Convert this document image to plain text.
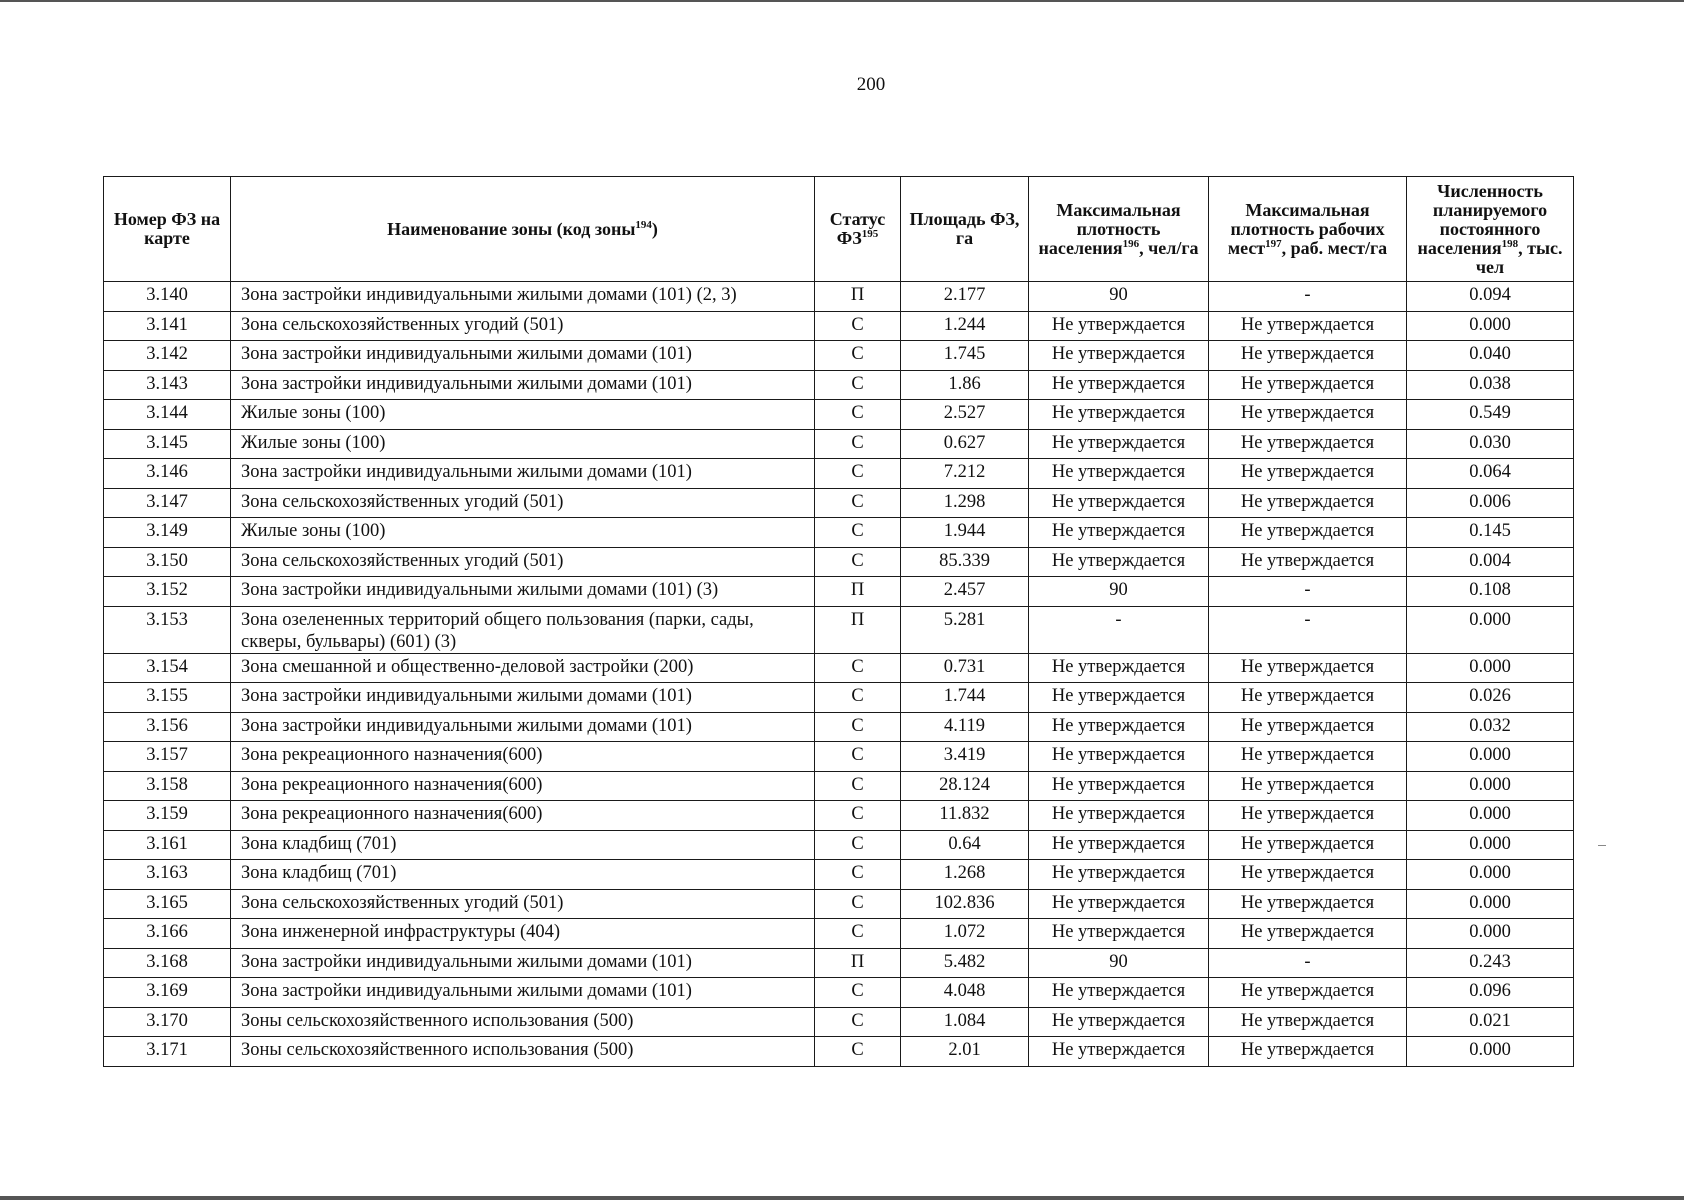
200
Номер ФЗ на карте	Наименование зоны (код зоны$^{194}$)	Статус ФЗ$^{195}$	Площадь ФЗ, га	Максимальная плотность населения$^{196}$, чел/га	Максимальная плотность рабочих мест$^{197}$, раб. мест/га	Численность планируемого постоянного населения$^{198}$, тыс. чел
3.140	Зона застройки индивидуальными жилыми домами (101) (2, 3)	П	2.177	90	-	0.094
3.141	Зона сельскохозяйственных угодий (501)	С	1.244	Не утверждается	Не утверждается	0.000
3.142	Зона застройки индивидуальными жилыми домами (101)	С	1.745	Не утверждается	Не утверждается	0.040
3.143	Зона застройки индивидуальными жилыми домами (101)	С	1.86	Не утверждается	Не утверждается	0.038
3.144	Жилые зоны (100)	С	2.527	Не утверждается	Не утверждается	0.549
3.145	Жилые зоны (100)	С	0.627	Не утверждается	Не утверждается	0.030
3.146	Зона застройки индивидуальными жилыми домами (101)	С	7.212	Не утверждается	Не утверждается	0.064
3.147	Зона сельскохозяйственных угодий (501)	С	1.298	Не утверждается	Не утверждается	0.006
3.149	Жилые зоны (100)	С	1.944	Не утверждается	Не утверждается	0.145
3.150	Зона сельскохозяйственных угодий (501)	С	85.339	Не утверждается	Не утверждается	0.004
3.152	Зона застройки индивидуальными жилыми домами (101) (3)	П	2.457	90	-	0.108
3.153	Зона озелененных территорий общего пользования (парки, сады, скверы, бульвары) (601) (3)	П	5.281	-	-	0.000
3.154	Зона смешанной и общественно-деловой застройки (200)	С	0.731	Не утверждается	Не утверждается	0.000
3.155	Зона застройки индивидуальными жилыми домами (101)	С	1.744	Не утверждается	Не утверждается	0.026
3.156	Зона застройки индивидуальными жилыми домами (101)	С	4.119	Не утверждается	Не утверждается	0.032
3.157	Зона рекреационного назначения(600)	С	3.419	Не утверждается	Не утверждается	0.000
3.158	Зона рекреационного назначения(600)	С	28.124	Не утверждается	Не утверждается	0.000
3.159	Зона рекреационного назначения(600)	С	11.832	Не утверждается	Не утверждается	0.000
3.161	Зона кладбищ (701)	С	0.64	Не утверждается	Не утверждается	0.000
3.163	Зона кладбищ (701)	С	1.268	Не утверждается	Не утверждается	0.000
3.165	Зона сельскохозяйственных угодий (501)	С	102.836	Не утверждается	Не утверждается	0.000
3.166	Зона инженерной инфраструктуры (404)	С	1.072	Не утверждается	Не утверждается	0.000
3.168	Зона застройки индивидуальными жилыми домами (101)	П	5.482	90	-	0.243
3.169	Зона застройки индивидуальными жилыми домами (101)	С	4.048	Не утверждается	Не утверждается	0.096
3.170	Зоны сельскохозяйственного использования (500)	С	1.084	Не утверждается	Не утверждается	0.021
3.171	Зоны сельскохозяйственного использования (500)	С	2.01	Не утверждается	Не утверждается	0.000
